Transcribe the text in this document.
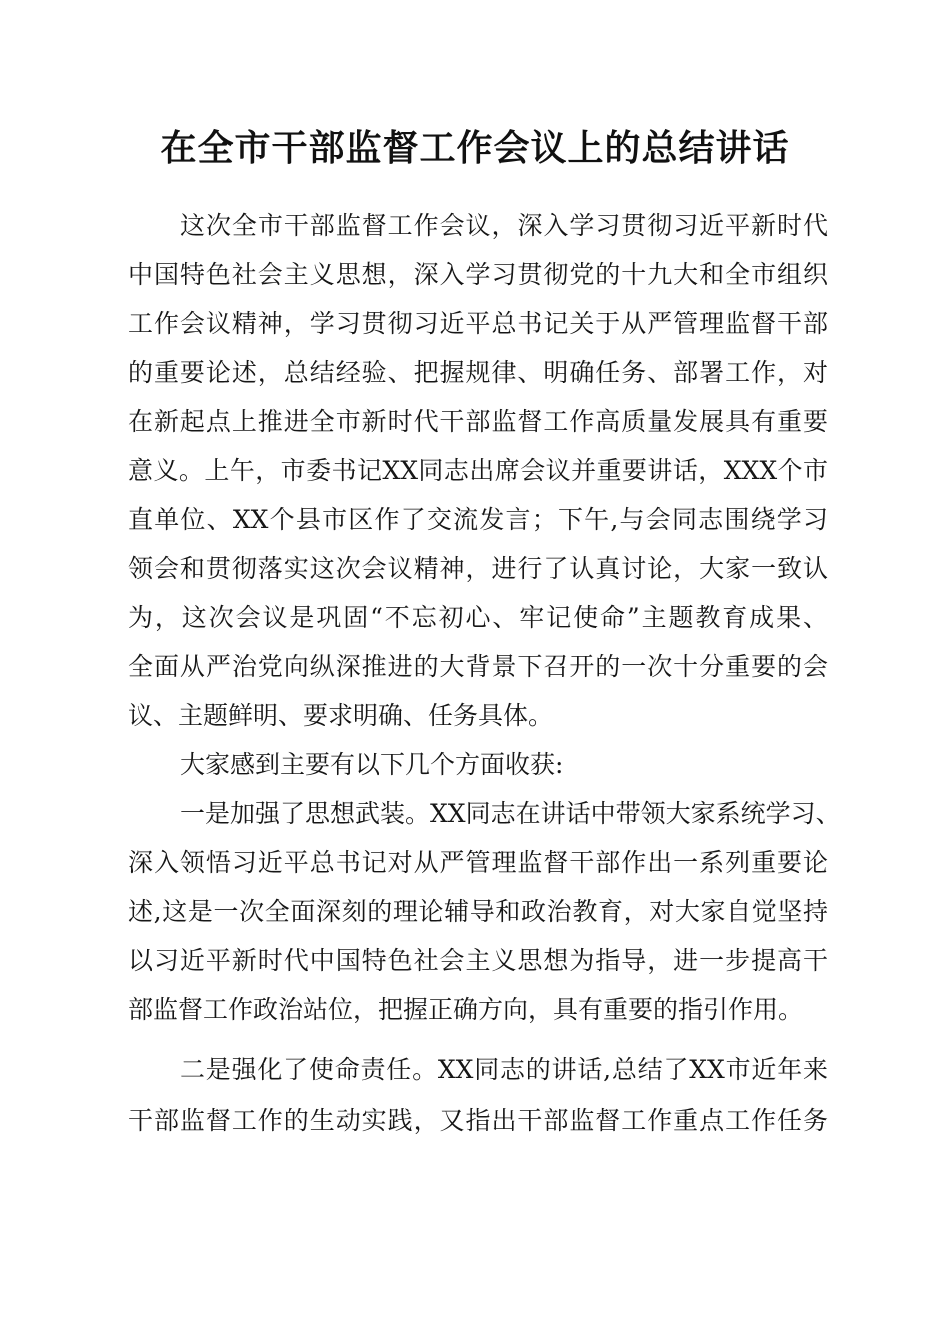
在全市干部监督工作会议上的总结讲话
这次全市干部监督工作会议，深入学习贯彻习近平新时代
中国特色社会主义思想，深入学习贯彻党的十九大和全市组织
工作会议精神，学习贯彻习近平总书记关于从严管理监督干部
的重要论述，总结经验、把握规律、明确任务、部署工作，对
在新起点上推进全市新时代干部监督工作高质量发展具有重要
意义。上午，市委书记XX同志出席会议并重要讲话，XXX个市
直单位、XX个县市区作了交流发言；下午,与会同志围绕学习
领会和贯彻落实这次会议精神，进行了认真讨论，大家一致认
为，这次会议是巩固“不忘初心、牢记使命”主题教育成果、
全面从严治党向纵深推进的大背景下召开的一次十分重要的会
议、主题鲜明、要求明确、任务具体。
大家感到主要有以下几个方面收获:
一是加强了思想武装。XX同志在讲话中带领大家系统学习、
深入领悟习近平总书记对从严管理监督干部作出一系列重要论
述,这是一次全面深刻的理论辅导和政治教育，对大家自觉坚持
以习近平新时代中国特色社会主义思想为指导，进一步提高干
部监督工作政治站位，把握正确方向，具有重要的指引作用。
二是强化了使命责任。XX同志的讲话,总结了XX市近年来
干部监督工作的生动实践，又指出干部监督工作重点工作任务
